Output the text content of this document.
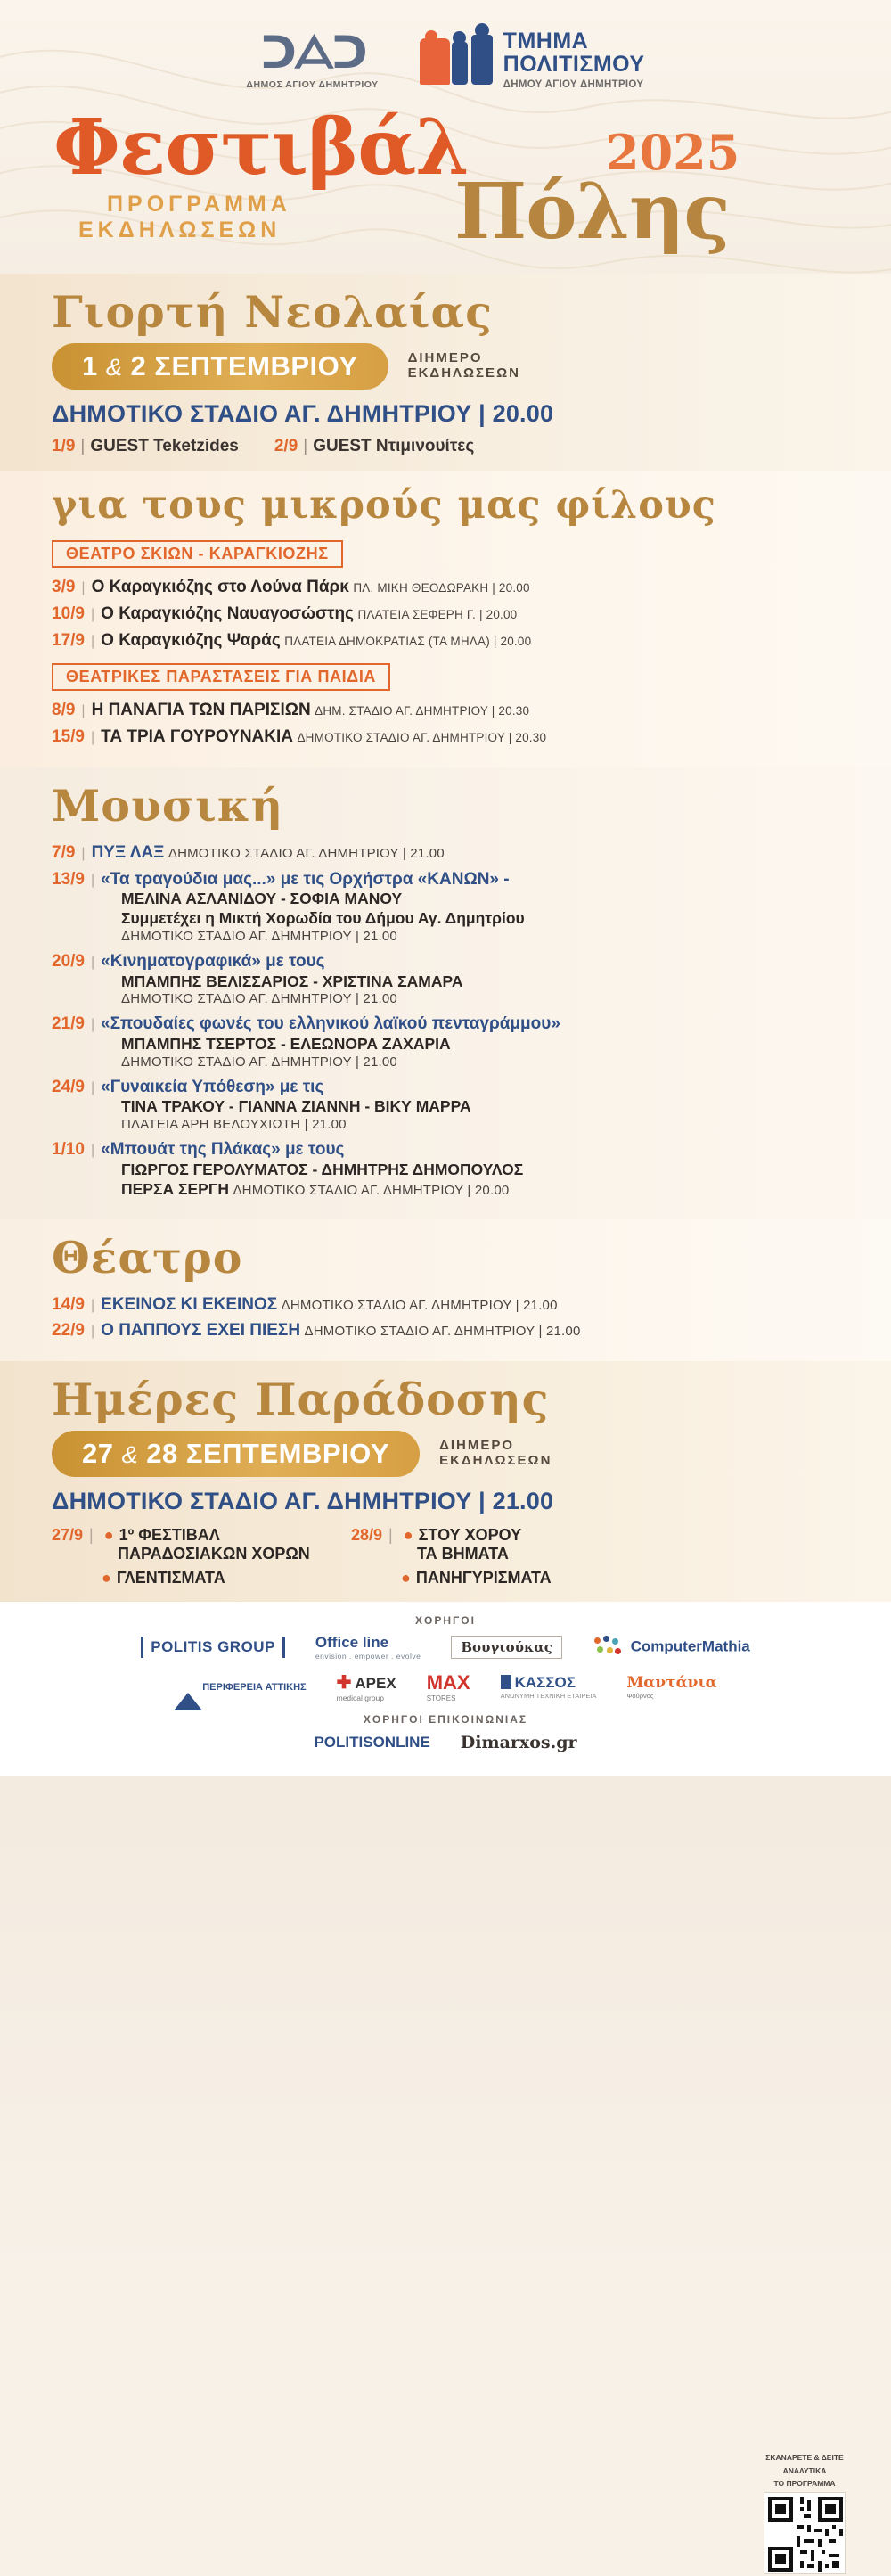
ᑐᗋᑐ
ΔΗΜΟΣ ΑΓΙΟΥ ΔΗΜΗΤΡΙΟΥ
ΤΜΗΜΑ
ΠΟΛΙΤΙΣΜΟΥ
ΔΗΜΟΥ ΑΓΙΟΥ ΔΗΜΗΤΡΙΟΥ
Φεστιβάλ	2025
Πόλης
ΠΡΟΓΡΑΜΜΑ
ΕΚΔΗΛΩΣΕΩΝ
Γιορτή Νεολαίας
1 & 2 ΣΕΠΤΕΜΒΡΙΟΥ	ΔΙΗΜΕΡΟ
ΕΚΔΗΛΩΣΕΩΝ
ΔΗΜΟΤΙΚΟ ΣΤΑΔΙΟ ΑΓ. ΔΗΜΗΤΡΙΟΥ | 20.00
1/9 | GUEST Teketzides 2/9 | GUEST Ντιμινουίτες
για τους μικρούς μας φίλους
ΘΕΑΤΡΟ ΣΚΙΩΝ - ΚΑΡΑΓΚΙΟΖΗΣ
3/9 | Ο Καραγκιόζης στο Λούνα Πάρκ ΠΛ. ΜΙΚΗ ΘΕΟΔΩΡΑΚΗ | 20.00
10/9 | Ο Καραγκιόζης Ναυαγοσώστης ΠΛΑΤΕΙΑ ΣΕΦΕΡΗ Γ. | 20.00
17/9 | Ο Καραγκιόζης Ψαράς ΠΛΑΤΕΙΑ ΔΗΜΟΚΡΑΤΙΑΣ (ΤΑ ΜΗΛΑ) | 20.00
ΘΕΑΤΡΙΚΕΣ ΠΑΡΑΣΤΑΣΕΙΣ ΓΙΑ ΠΑΙΔΙΑ
8/9 | Η ΠΑΝΑΓΙΑ ΤΩΝ ΠΑΡΙΣΙΩΝ ΔΗΜ. ΣΤΑΔΙΟ ΑΓ. ΔΗΜΗΤΡΙΟΥ | 20.30
15/9 | ΤΑ ΤΡΙΑ ΓΟΥΡΟΥΝΑΚΙΑ ΔΗΜΟΤΙΚΟ ΣΤΑΔΙΟ ΑΓ. ΔΗΜΗΤΡΙΟΥ | 20.30
Μουσική
7/9 | ΠΥΞ ΛΑΞ ΔΗΜΟΤΙΚΟ ΣΤΑΔΙΟ ΑΓ. ΔΗΜΗΤΡΙΟΥ | 21.00
13/9 | «Τα τραγούδια μας...» με τις Ορχήστρα «ΚΑΝΩΝ» -
ΜΕΛΙΝΑ ΑΣΛΑΝΙΔΟΥ - ΣΟΦΙΑ ΜΑΝΟΥ
Συμμετέχει η Μικτή Χορωδία του Δήμου Αγ. Δημητρίου
ΔΗΜΟΤΙΚΟ ΣΤΑΔΙΟ ΑΓ. ΔΗΜΗΤΡΙΟΥ | 21.00
20/9 | «Κινηματογραφικά» με τους
ΜΠΑΜΠΗΣ ΒΕΛΙΣΣΑΡΙΟΣ - ΧΡΙΣΤΙΝΑ ΣΑΜΑΡΑ
ΔΗΜΟΤΙΚΟ ΣΤΑΔΙΟ ΑΓ. ΔΗΜΗΤΡΙΟΥ | 21.00
21/9 | «Σπουδαίες φωνές του ελληνικού λαϊκού πενταγράμμου»
ΜΠΑΜΠΗΣ ΤΣΕΡΤΟΣ - ΕΛΕΩΝΟΡΑ ΖΑΧΑΡΙΑ
ΔΗΜΟΤΙΚΟ ΣΤΑΔΙΟ ΑΓ. ΔΗΜΗΤΡΙΟΥ | 21.00
24/9 | «Γυναικεία Υπόθεση» με τις
ΤΙΝΑ ΤΡΑΚΟΥ - ΓΙΑΝΝΑ ΖΙΑΝΝΗ - ΒΙΚΥ ΜΑΡΡΑ
ΠΛΑΤΕΙΑ ΑΡΗ ΒΕΛΟΥΧΙΩΤΗ | 21.00
1/10 | «Μπουάτ της Πλάκας» με τους
ΓΙΩΡΓΟΣ ΓΕΡΟΛΥΜΑΤΟΣ - ΔΗΜΗΤΡΗΣ ΔΗΜΟΠΟΥΛΟΣ
ΠΕΡΣΑ ΣΕΡΓΗ ΔΗΜΟΤΙΚΟ ΣΤΑΔΙΟ ΑΓ. ΔΗΜΗΤΡΙΟΥ | 20.00
Θέατρο
14/9 | ΕΚΕΙΝΟΣ ΚΙ ΕΚΕΙΝΟΣ ΔΗΜΟΤΙΚΟ ΣΤΑΔΙΟ ΑΓ. ΔΗΜΗΤΡΙΟΥ | 21.00
22/9 | Ο ΠΑΠΠΟΥΣ ΕΧΕΙ ΠΙΕΣΗ ΔΗΜΟΤΙΚΟ ΣΤΑΔΙΟ ΑΓ. ΔΗΜΗΤΡΙΟΥ | 21.00
Ημέρες Παράδοσης
27 & 28 ΣΕΠΤΕΜΒΡΙΟΥ	ΔΙΗΜΕΡΟ
ΕΚΔΗΛΩΣΕΩΝ
ΔΗΜΟΤΙΚΟ ΣΤΑΔΙΟ ΑΓ. ΔΗΜΗΤΡΙΟΥ | 21.00
27/9 | ● 1º ΦΕΣΤΙΒΑΛ
ΠΑΡΑΔΟΣΙΑΚΩΝ ΧΟΡΩΝ
● ΓΛΕΝΤΙΣΜΑΤΑ
28/9 | ● ΣΤΟΥ ΧΟΡΟΥ
ΤΑ ΒΗΜΑΤΑ
● ΠΑΝΗΓΥΡΙΣΜΑΤΑ
ΣΚΑΝΑΡΕΤΕ & ΔΕΙΤΕ
ΑΝΑΛΥΤΙΚΑ
ΤΟ ΠΡΟΓΡΑΜΜΑ
ΧΟΡΗΓΟΙ
POLITIS GROUP	Office line
envision . empower . evolve
Βουγιούκας	ComputerMathia
ΠΕΡΙΦΕΡΕΙΑ ΑΤΤΙΚΗΣ ✚ APEX
medical group
MAX
STORES
ΚΑΣΣΟΣ
ΑΝΩΝΥΜΗ ΤΕΧΝΙΚΗ ΕΤΑΙΡΕΙΑ
Μαντάνια
Φούρνος
ΧΟΡΗΓΟΙ ΕΠΙΚΟΙΝΩΝΙΑΣ
POLITISONLINE Dimarxos.gr
